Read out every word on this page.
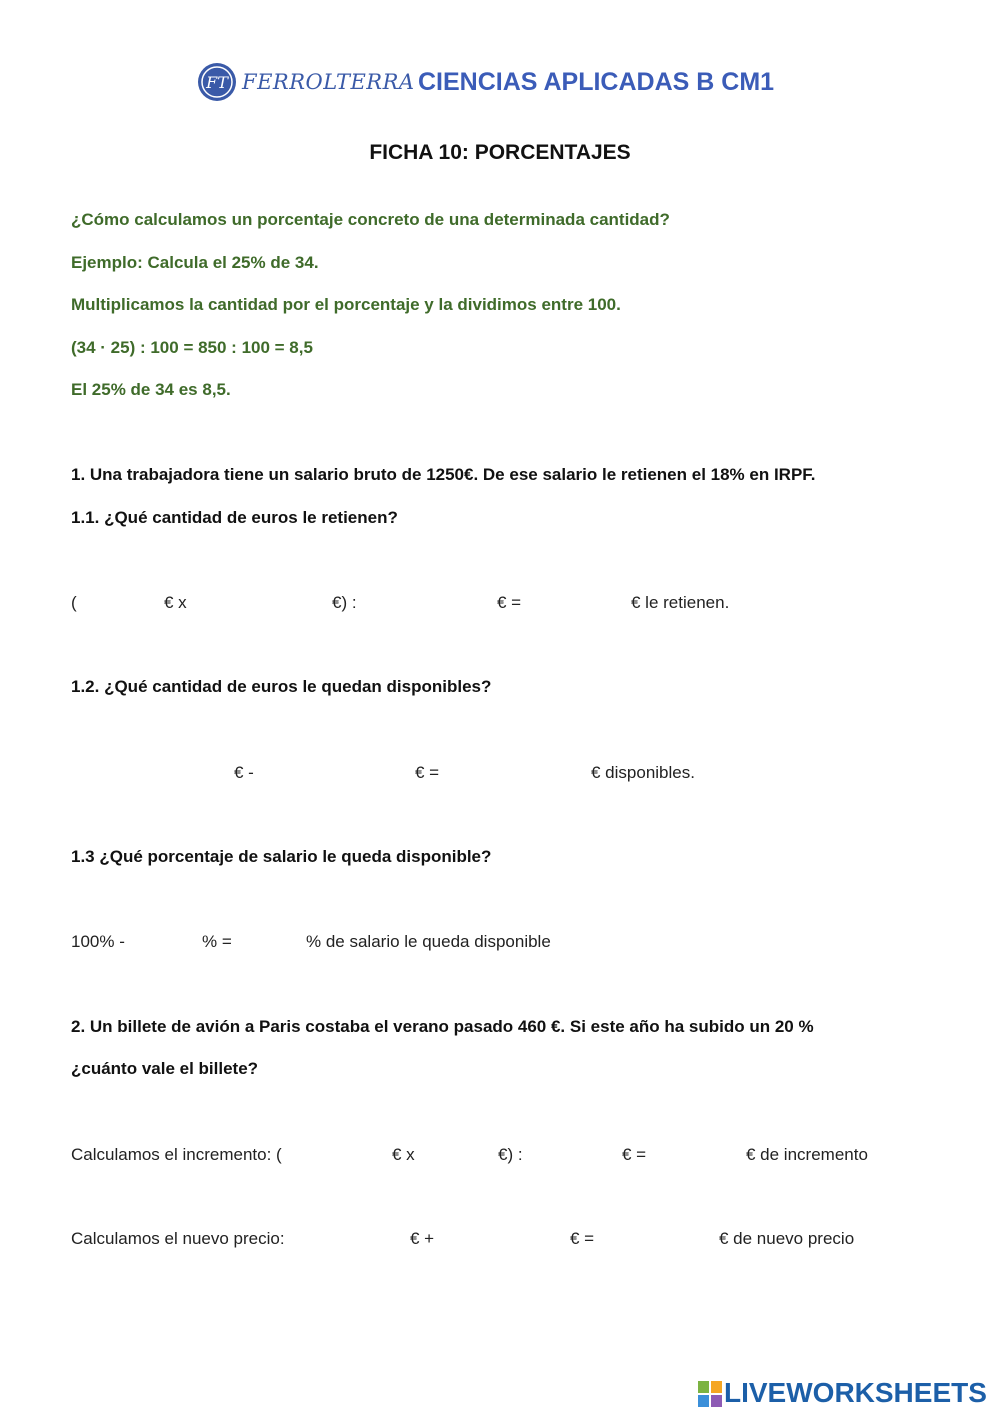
FT FERROLTERRA CIENCIAS APLICADAS B CM1
FICHA 10: PORCENTAJES
¿Cómo calculamos un porcentaje concreto de una determinada cantidad?
Ejemplo: Calcula el 25% de 34.
Multiplicamos la cantidad por el porcentaje y la dividimos entre 100.
(34 · 25) : 100 = 850 : 100 = 8,5
El 25% de 34 es 8,5.
1. Una trabajadora tiene un salario bruto de 1250€. De ese salario le retienen el 18% en IRPF.
1.1. ¿Qué cantidad de euros le retienen?
(	€ x	€) :	€ =	€ le retienen.
1.2. ¿Qué cantidad de euros le quedan disponibles?
€ -	€ =	€ disponibles.
1.3 ¿Qué porcentaje de salario le queda disponible?
100% -	% =	% de salario le queda disponible
2. Un billete de avión a Paris costaba el verano pasado 460 €. Si este año ha subido un 20 %
¿cuánto vale el billete?
Calculamos el incremento: (	€ x	€) :	€ =	€ de incremento
Calculamos el nuevo precio:	€ +	€ =	€ de nuevo precio
LIVEWORKSHEETS
